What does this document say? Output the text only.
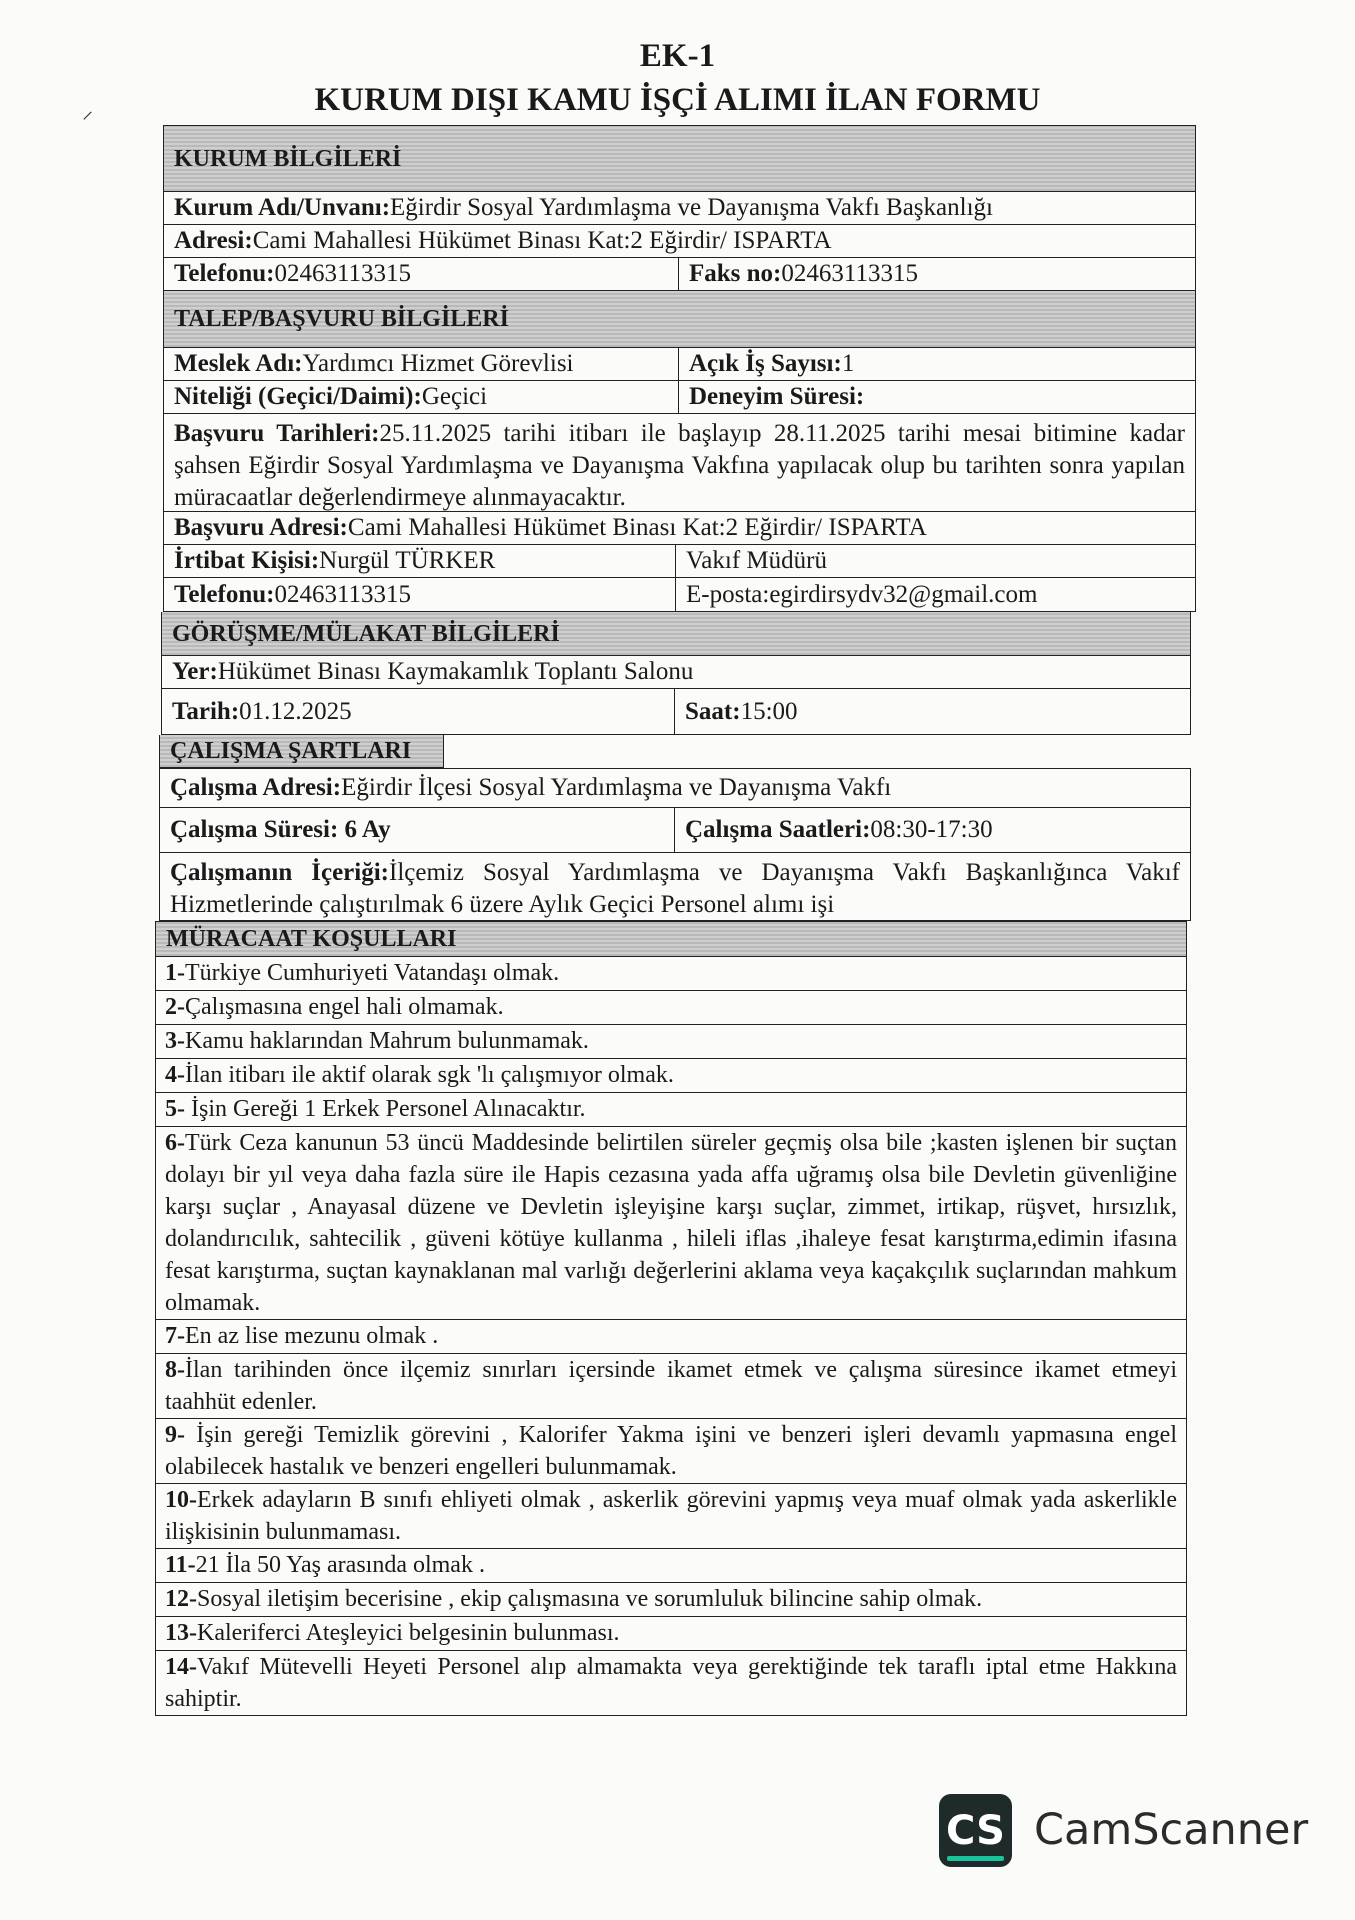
⸝
EK-1
KURUM DIŞI KAMU İŞÇİ ALIMI İLAN FORMU
KURUM BİLGİLERİ
Kurum Adı/Unvanı: Eğirdir Sosyal Yardımlaşma ve Dayanışma Vakfı Başkanlığı
Adresi: Cami Mahallesi Hükümet Binası Kat:2 Eğirdir/ ISPARTA
Telefonu: 02463113315	Faks no: 02463113315
TALEP/BAŞVURU BİLGİLERİ
Meslek Adı: Yardımcı Hizmet Görevlisi	Açık İş Sayısı: 1
Niteliği (Geçici/Daimi): Geçici	Deneyim Süresi:
Başvuru Tarihleri:25.11.2025 tarihi itibarı ile başlayıp 28.11.2025 tarihi mesai bitimine kadar şahsen Eğirdir Sosyal Yardımlaşma ve Dayanışma Vakfına yapılacak olup bu tarihten sonra yapılan müracaatlar değerlendirmeye alınmayacaktır.
Başvuru Adresi: Cami Mahallesi Hükümet Binası Kat:2 Eğirdir/ ISPARTA
İrtibat Kişisi: Nurgül TÜRKER	Vakıf Müdürü
Telefonu: 02463113315	E-posta:egirdirsydv32@gmail.com
GÖRÜŞME/MÜLAKAT BİLGİLERİ
Yer: Hükümet Binası Kaymakamlık Toplantı Salonu
Tarih: 01.12.2025	Saat: 15:00
ÇALIŞMA ŞARTLARI
Çalışma Adresi: Eğirdir İlçesi Sosyal Yardımlaşma ve Dayanışma Vakfı
Çalışma Süresi: 6 Ay	Çalışma Saatleri: 08:30-17:30
Çalışmanın İçeriği:İlçemiz Sosyal Yardımlaşma ve Dayanışma Vakfı Başkanlığınca Vakıf Hizmetlerinde çalıştırılmak 6 üzere Aylık Geçici Personel alımı işi
MÜRACAAT KOŞULLARI
1-Türkiye Cumhuriyeti Vatandaşı olmak.
2-Çalışmasına engel hali olmamak.
3-Kamu haklarından Mahrum bulunmamak.
4-İlan itibarı ile aktif olarak sgk 'lı çalışmıyor olmak.
5- İşin Gereği 1 Erkek Personel Alınacaktır.
6-Türk Ceza kanunun 53 üncü Maddesinde belirtilen süreler geçmiş olsa bile ;kasten işlenen bir suçtan dolayı bir yıl veya daha fazla süre ile Hapis cezasına yada affa uğramış olsa bile Devletin güvenliğine karşı suçlar , Anayasal düzene ve Devletin işleyişine karşı suçlar, zimmet, irtikap, rüşvet, hırsızlık, dolandırıcılık, sahtecilik , güveni kötüye kullanma , hileli iflas ,ihaleye fesat karıştırma,edimin ifasına fesat karıştırma, suçtan kaynaklanan mal varlığı değerlerini aklama veya kaçakçılık suçlarından mahkum olmamak.
7-En az lise mezunu olmak .
8-İlan tarihinden önce ilçemiz sınırları içersinde ikamet etmek ve çalışma süresince ikamet etmeyi taahhüt edenler.
9- İşin gereği Temizlik görevini , Kalorifer Yakma işini ve benzeri işleri devamlı yapmasına engel olabilecek hastalık ve benzeri engelleri bulunmamak.
10-Erkek adayların B sınıfı ehliyeti olmak , askerlik görevini yapmış veya muaf olmak yada askerlikle ilişkisinin bulunmaması.
11-21 İla 50 Yaş arasında olmak .
12-Sosyal iletişim becerisine , ekip çalışmasına ve sorumluluk bilincine sahip olmak.
13-Kaleriferci Ateşleyici belgesinin bulunması.
14-Vakıf Mütevelli Heyeti Personel alıp almamakta veya gerektiğinde tek taraflı iptal etme Hakkına sahiptir.
CS CamScanner
